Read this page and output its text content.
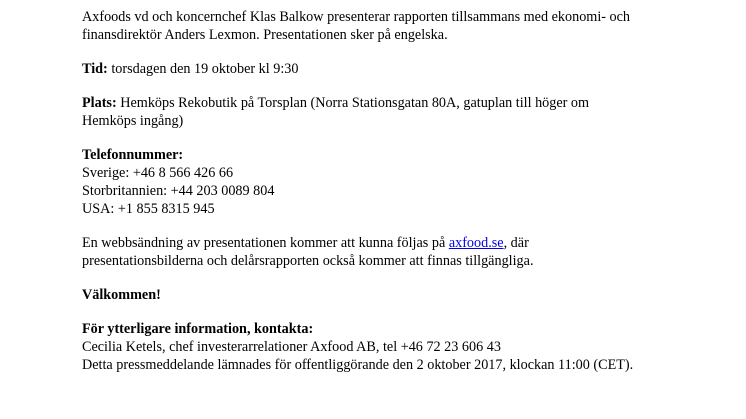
Axfoods vd och koncernchef Klas Balkow presenterar rapporten tillsammans med ekonomi- och
finansdirektör Anders Lexmon. Presentationen sker på engelska.

Tid: torsdagen den 19 oktober kl 9:30

Plats: Hemköps Rekobutik på Torsplan (Norra Stationsgatan 80A, gatuplan till höger om
Hemköps ingång)

Telefonnummer:
Sverige: +46 8 566 426 66
Storbritannien: +44 203 0089 804
USA: +1 855 8315 945

En webbsändning av presentationen kommer att kunna följas på axfood.se, där
presentationsbilderna och delårsrapporten också kommer att finnas tillgängliga.

Välkommen!

För ytterligare information, kontakta:
Cecilia Ketels, chef investerarrelationer Axfood AB, tel +46 72 23 606 43
Detta pressmeddelande lämnades för offentliggörande den 2 oktober 2017, klockan 11:00 (CET).
